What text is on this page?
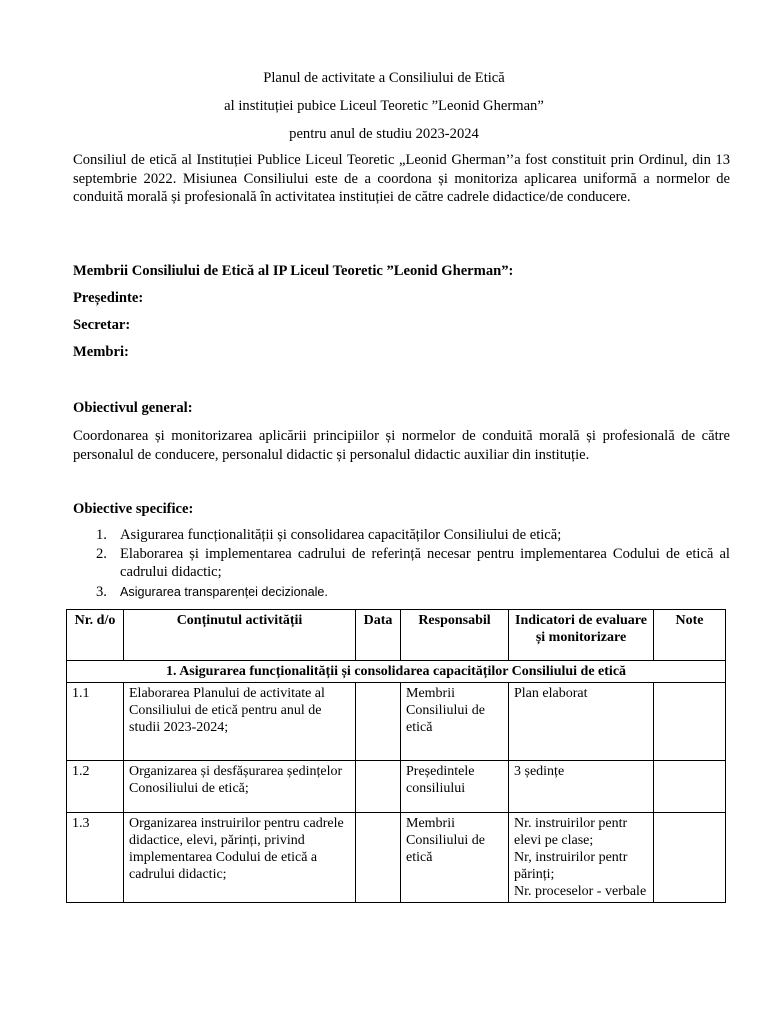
Planul de activitate a Consiliului de Etică
al instituției pubice Liceul Teoretic ”Leonid Gherman”
pentru anul de studiu 2023-2024
Consiliul de etică al Instituției Publice Liceul Teoretic „Leonid Gherman’’a fost constituit prin Ordinul, din 13 septembrie 2022. Misiunea Consiliului este de a coordona și monitoriza aplicarea uniformă a normelor de conduită morală și profesională în activitatea instituției de către cadrele didactice/de conducere.
Membrii Consiliului de Etică al IP Liceul Teoretic ”Leonid Gherman”:
Președinte:
Secretar:
Membri:
Obiectivul general:
Coordonarea și monitorizarea aplicării principiilor și normelor de conduită morală și profesională de către personalul de conducere, personalul didactic și personalul didactic auxiliar din instituție.
Obiective specifice:
1. Asigurarea funcționalității și consolidarea capacităților Consiliului de etică;
2. Elaborarea și implementarea cadrului de referință necesar pentru implementarea Codului de etică al cadrului didactic;
3. Asigurarea transparenței decizionale.
Nr. d/o	Conținutul activității	Data	Responsabil	Indicatori de evaluare și monitorizare	Note
1. Asigurarea funcționalității și consolidarea capacităților Consiliului de etică					
1.1	Elaborarea Planului de activitate al Consiliului de etică pentru anul de studii 2023-2024;		Membrii Consiliului de etică	Plan elaborat	
1.2	Organizarea și desfășurarea ședințelor Conosiliului de etică;		Președintele consiliului	3 ședințe	
1.3	Organizarea instruirilor pentru cadrele didactice, elevi, părinți, privind implementarea Codului de etică a cadrului didactic;		Membrii Consiliului de etică	Nr. instruirilor pentr elevi pe clase;
Nr, instruirilor pentr părinți;
Nr. proceselor - verbale	
